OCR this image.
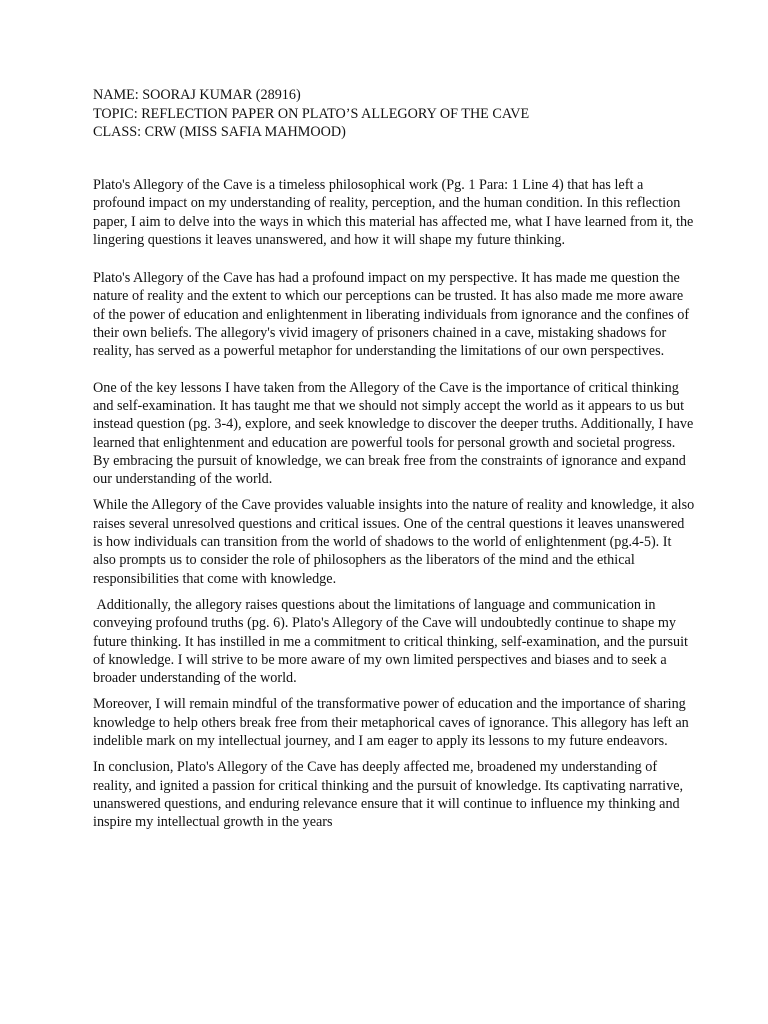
NAME: SOORAJ KUMAR (28916)
TOPIC: REFLECTION PAPER ON PLATO’S ALLEGORY OF THE CAVE
CLASS: CRW (MISS SAFIA MAHMOOD)

Plato's Allegory of the Cave is a timeless philosophical work (Pg. 1 Para: 1 Line 4) that has left a profound impact on my understanding of reality, perception, and the human condition. In this reflection paper, I aim to delve into the ways in which this material has affected me, what I have learned from it, the lingering questions it leaves unanswered, and how it will shape my future thinking.

Plato's Allegory of the Cave has had a profound impact on my perspective. It has made me question the nature of reality and the extent to which our perceptions can be trusted. It has also made me more aware of the power of education and enlightenment in liberating individuals from ignorance and the confines of their own beliefs. The allegory's vivid imagery of prisoners chained in a cave, mistaking shadows for reality, has served as a powerful metaphor for understanding the limitations of our own perspectives.

One of the key lessons I have taken from the Allegory of the Cave is the importance of critical thinking and self-examination. It has taught me that we should not simply accept the world as it appears to us but instead question (pg. 3-4), explore, and seek knowledge to discover the deeper truths. Additionally, I have learned that enlightenment and education are powerful tools for personal growth and societal progress. By embracing the pursuit of knowledge, we can break free from the constraints of ignorance and expand our understanding of the world.

While the Allegory of the Cave provides valuable insights into the nature of reality and knowledge, it also raises several unresolved questions and critical issues. One of the central questions it leaves unanswered is how individuals can transition from the world of shadows to the world of enlightenment (pg.4-5). It also prompts us to consider the role of philosophers as the liberators of the mind and the ethical responsibilities that come with knowledge.

Additionally, the allegory raises questions about the limitations of language and communication in conveying profound truths (pg. 6). Plato's Allegory of the Cave will undoubtedly continue to shape my future thinking. It has instilled in me a commitment to critical thinking, self-examination, and the pursuit of knowledge. I will strive to be more aware of my own limited perspectives and biases and to seek a broader understanding of the world.

Moreover, I will remain mindful of the transformative power of education and the importance of sharing knowledge to help others break free from their metaphorical caves of ignorance. This allegory has left an indelible mark on my intellectual journey, and I am eager to apply its lessons to my future endeavors.

In conclusion, Plato's Allegory of the Cave has deeply affected me, broadened my understanding of reality, and ignited a passion for critical thinking and the pursuit of knowledge. Its captivating narrative, unanswered questions, and enduring relevance ensure that it will continue to influence my thinking and inspire my intellectual growth in the years
